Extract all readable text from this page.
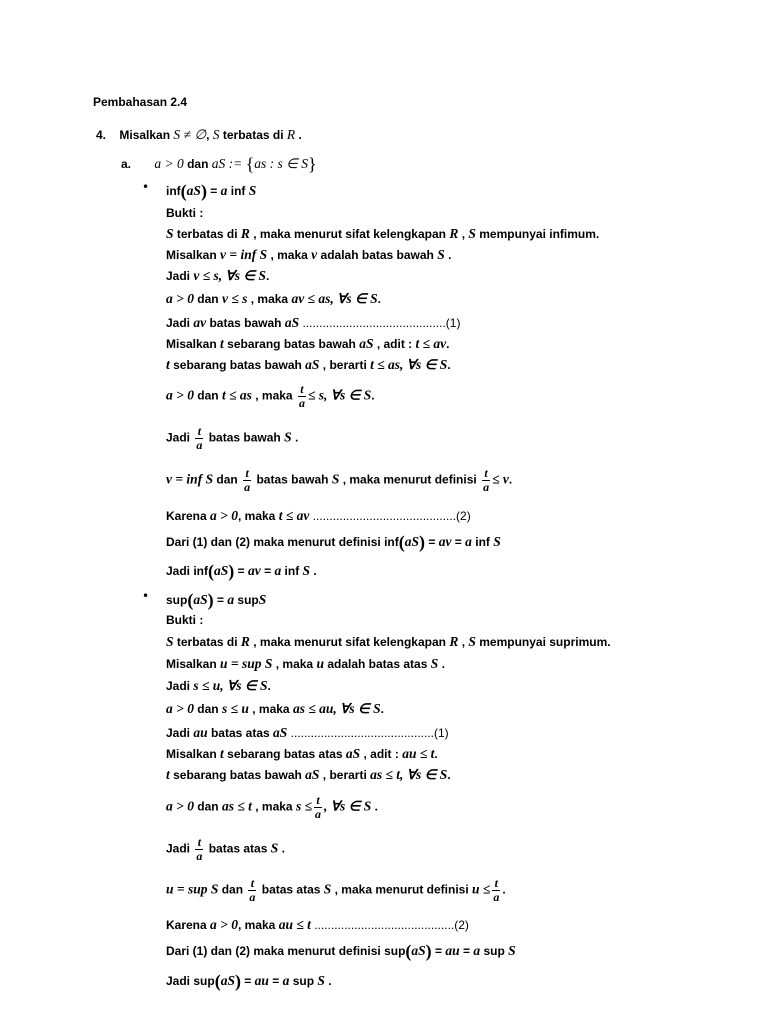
Pembahasan 2.4
4. Misalkan S ≠ ∅, S terbatas di R .
a. a > 0 dan aS := {as : s ∈ S}
• inf(aS) = a inf S
Bukti :
S terbatas di R , maka menurut sifat kelengkapan R , S mempunyai infimum.
Misalkan v = inf S , maka v adalah batas bawah S .
Jadi v ≤ s, ∀s ∈ S.
a > 0 dan v ≤ s , maka av ≤ as, ∀s ∈ S.
Jadi av batas bawah aS ...........................................(1)
Misalkan t sebarang batas bawah aS , adit : t ≤ av.
t sebarang batas bawah aS , berarti t ≤ as, ∀s ∈ S.
a > 0 dan t ≤ as , maka $\frac{t}{a} \le s$, ∀s ∈ S.
Jadi $\frac{t}{a}$ batas bawah S .
v = inf S dan $\frac{t}{a}$ batas bawah S , maka menurut definisi $\frac{t}{a} \le v$.
Karena a > 0, maka t ≤ av ...........................................(2)
Dari (1) dan (2) maka menurut definisi inf(aS) = av = a inf S
Jadi inf(aS) = av = a inf S .
• sup(aS) = a supS
Bukti :
S terbatas di R , maka menurut sifat kelengkapan R , S mempunyai suprimum.
Misalkan u = sup S , maka u adalah batas atas S .
Jadi s ≤ u, ∀s ∈ S.
a > 0 dan s ≤ u , maka as ≤ au, ∀s ∈ S.
Jadi au batas atas aS ...........................................(1)
Misalkan t sebarang batas atas aS , adit : au ≤ t.
t sebarang batas bawah aS , berarti as ≤ t, ∀s ∈ S.
a > 0 dan as ≤ t , maka $s \le \frac{t}{a}$ , ∀s ∈ S .
Jadi $\frac{t}{a}$ batas atas S .
u = sup S dan $\frac{t}{a}$ batas atas S , maka menurut definisi $u \le \frac{t}{a}$ .
Karena a > 0, maka au ≤ t ..........................................(2)
Dari (1) dan (2) maka menurut definisi sup(aS) = au = a sup S
Jadi sup(aS) = au = a sup S .
